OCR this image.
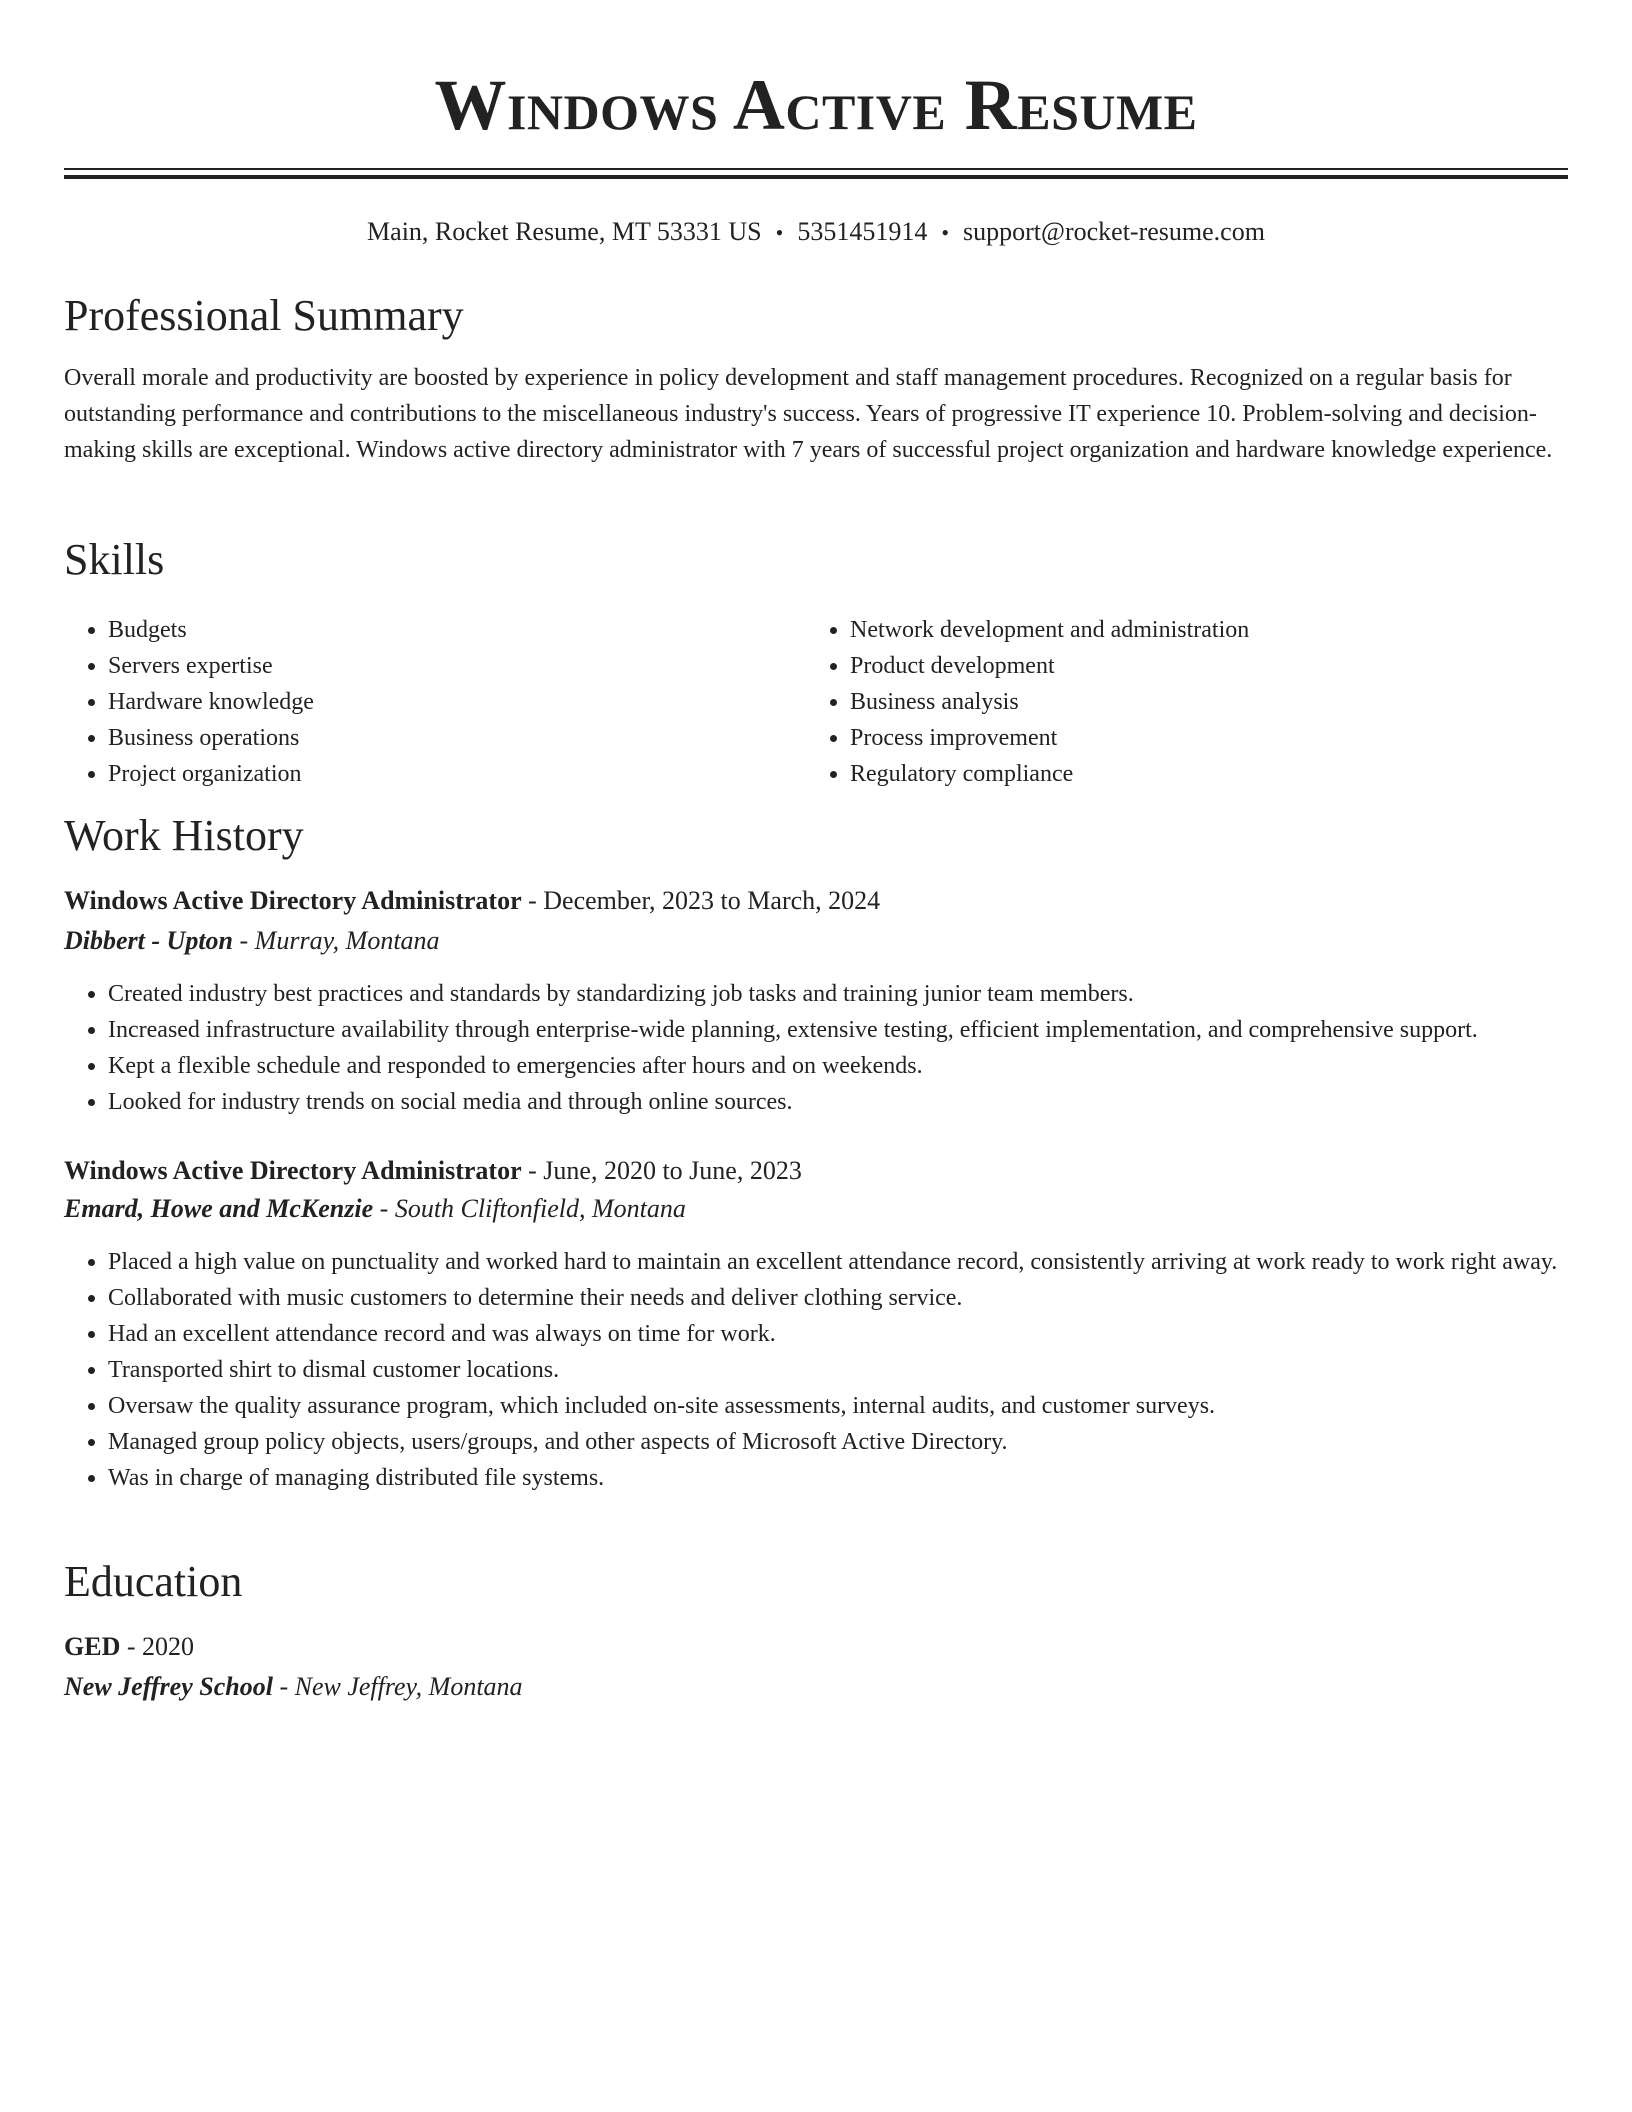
Windows Active Resume
Main, Rocket Resume, MT 53331 US • 5351451914 • support@rocket-resume.com
Professional Summary
Overall morale and productivity are boosted by experience in policy development and staff management procedures. Recognized on a regular basis for outstanding performance and contributions to the miscellaneous industry's success. Years of progressive IT experience 10. Problem-solving and decision-making skills are exceptional. Windows active directory administrator with 7 years of successful project organization and hardware knowledge experience.
Skills
• Budgets
• Servers expertise
• Hardware knowledge
• Business operations
• Project organization
• Network development and administration
• Product development
• Business analysis
• Process improvement
• Regulatory compliance
Work History
Windows Active Directory Administrator - December, 2023 to March, 2024
Dibbert - Upton - Murray, Montana
• Created industry best practices and standards by standardizing job tasks and training junior team members.
• Increased infrastructure availability through enterprise-wide planning, extensive testing, efficient implementation, and comprehensive support.
• Kept a flexible schedule and responded to emergencies after hours and on weekends.
• Looked for industry trends on social media and through online sources.
Windows Active Directory Administrator - June, 2020 to June, 2023
Emard, Howe and McKenzie - South Cliftonfield, Montana
• Placed a high value on punctuality and worked hard to maintain an excellent attendance record, consistently arriving at work ready to work right away.
• Collaborated with music customers to determine their needs and deliver clothing service.
• Had an excellent attendance record and was always on time for work.
• Transported shirt to dismal customer locations.
• Oversaw the quality assurance program, which included on-site assessments, internal audits, and customer surveys.
• Managed group policy objects, users/groups, and other aspects of Microsoft Active Directory.
• Was in charge of managing distributed file systems.
Education
GED - 2020
New Jeffrey School - New Jeffrey, Montana
